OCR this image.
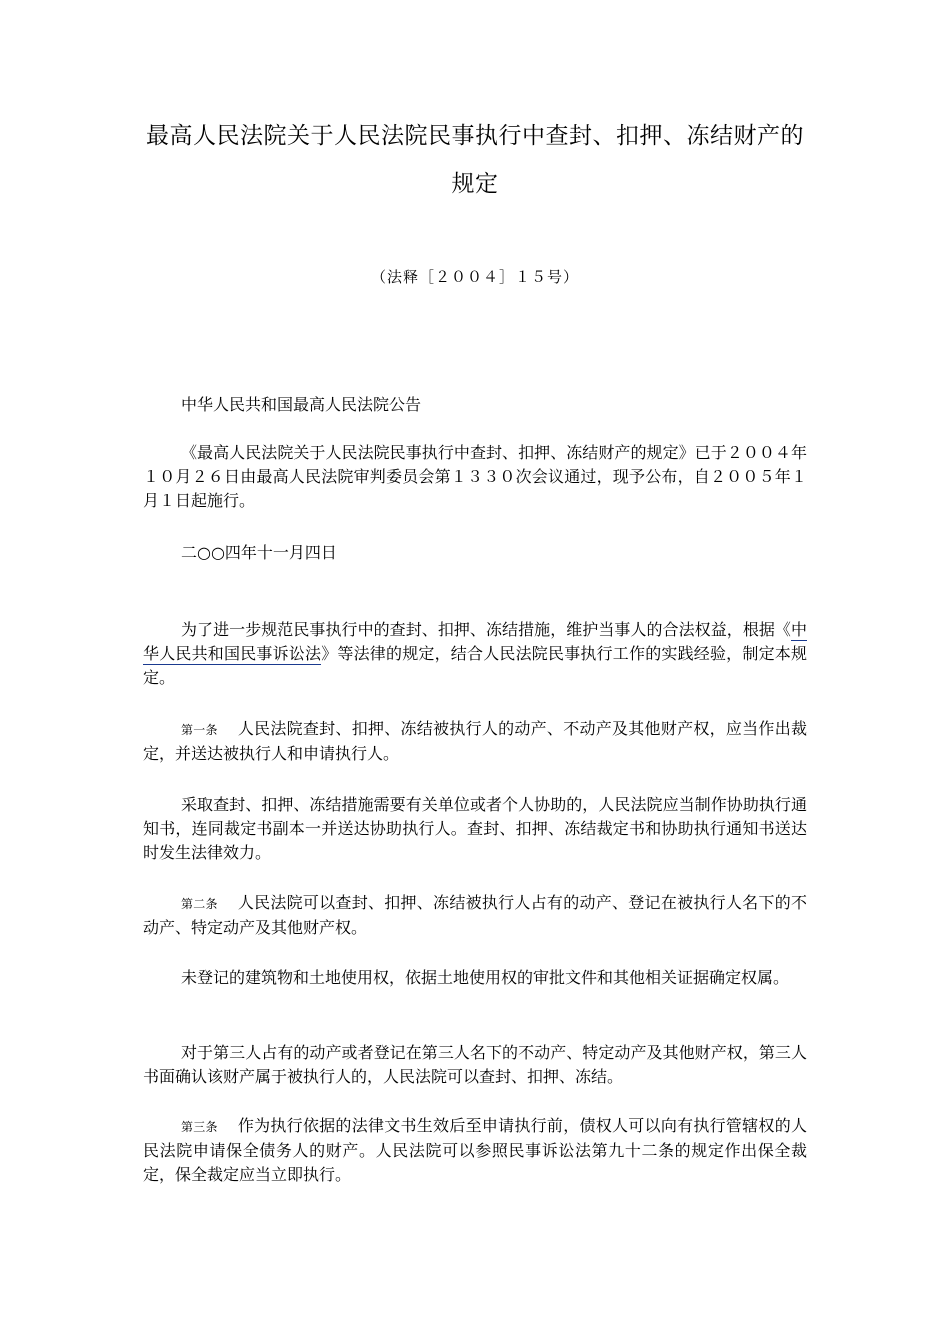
最高人民法院关于人民法院民事执行中查封、扣押、冻结财产的规定
（法释［２００４］１５号）

中华人民共和国最高人民法院公告

《最高人民法院关于人民法院民事执行中查封、扣押、冻结财产的规定》已于２００４年１０月２６日由最高人民法院审判委员会第１３３０次会议通过，现予公布，自２００５年１月１日起施行。

二○○四年十一月四日

为了进一步规范民事执行中的查封、扣押、冻结措施，维护当事人的合法权益，根据《中华人民共和国民事诉讼法》等法律的规定，结合人民法院民事执行工作的实践经验，制定本规定。

第一条 人民法院查封、扣押、冻结被执行人的动产、不动产及其他财产权，应当作出裁定，并送达被执行人和申请执行人。

采取查封、扣押、冻结措施需要有关单位或者个人协助的，人民法院应当制作协助执行通知书，连同裁定书副本一并送达协助执行人。查封、扣押、冻结裁定书和协助执行通知书送达时发生法律效力。

第二条 人民法院可以查封、扣押、冻结被执行人占有的动产、登记在被执行人名下的不动产、特定动产及其他财产权。

未登记的建筑物和土地使用权，依据土地使用权的审批文件和其他相关证据确定权属。

对于第三人占有的动产或者登记在第三人名下的不动产、特定动产及其他财产权，第三人书面确认该财产属于被执行人的，人民法院可以查封、扣押、冻结。

第三条 作为执行依据的法律文书生效后至申请执行前，债权人可以向有执行管辖权的人民法院申请保全债务人的财产。人民法院可以参照民事诉讼法第九十二条的规定作出保全裁定，保全裁定应当立即执行。
